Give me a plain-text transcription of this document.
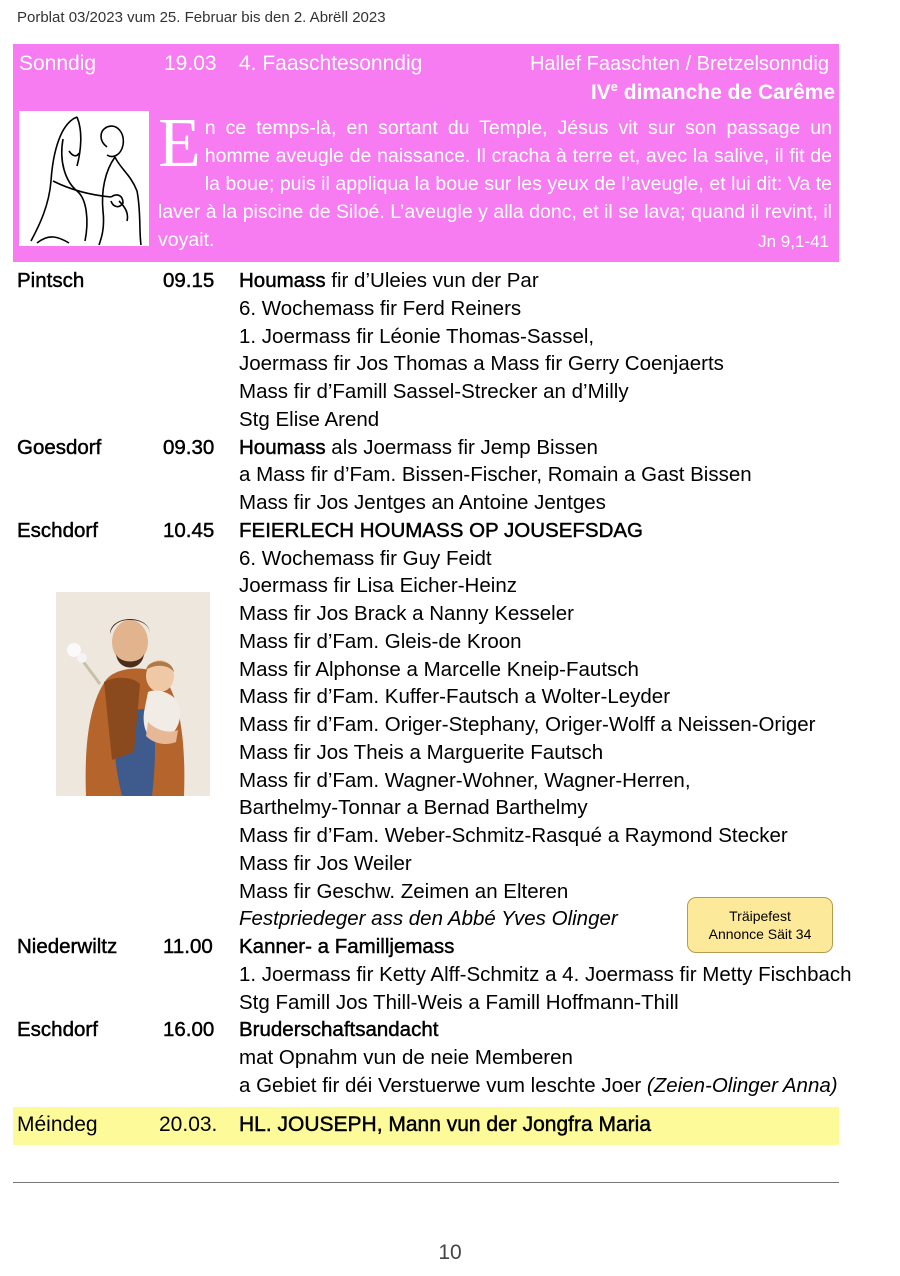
Porblat 03/2023 vum 25. Februar bis den 2. Abrëll 2023
Sonndig	19.03 4. Faaschtesonndig	Hallef Faaschten / Bretzelsonndig
IVe dimanche de Carême
En ce temps-là, en sortant du Temple, Jésus vit sur son passage un homme aveugle de naissance. Il cracha à terre et, avec la salive, il fit de la boue; puis il appliqua la boue sur les yeux de l’aveugle, et lui dit: Va te laver à la piscine de Siloé. L’aveugle y alla donc, et il se lava; quand il revint, il voyait.	Jn 9,1-41
Pintsch	09.15 Houmass fir d’Uleies vun der Par
6. Wochemass fir Ferd Reiners
1. Joermass fir Léonie Thomas-Sassel,
Joermass fir Jos Thomas a Mass fir Gerry Coenjaerts
Mass fir d’Famill Sassel-Strecker an d’Milly
Stg Elise Arend
Goesdorf	09.30 Houmass als Joermass fir Jemp Bissen
a Mass fir d’Fam. Bissen-Fischer, Romain a Gast Bissen
Mass fir Jos Jentges an Antoine Jentges
Eschdorf	10.45 FEIERLECH HOUMASS OP JOUSEFSDAG
6. Wochemass fir Guy Feidt
Joermass fir Lisa Eicher-Heinz
Mass fir Jos Brack a Nanny Kesseler
Mass fir d’Fam. Gleis-de Kroon
Mass fir Alphonse a Marcelle Kneip-Fautsch
Mass fir d’Fam. Kuffer-Fautsch a Wolter-Leyder
Mass fir d’Fam. Origer-Stephany, Origer-Wolff a Neissen-Origer
Mass fir Jos Theis a Marguerite Fautsch
Mass fir d’Fam. Wagner-Wohner, Wagner-Herren,
Barthelmy-Tonnar a Bernad Barthelmy
Mass fir d’Fam. Weber-Schmitz-Rasqué a Raymond Stecker
Mass fir Jos Weiler
Mass fir Geschw. Zeimen an Elteren
Festpriedeger ass den Abbé Yves Olinger
Niederwiltz 11.00 Kanner- a Familljemass
1. Joermass fir Ketty Alff-Schmitz a 4. Joermass fir Metty Fischbach
Stg Famill Jos Thill-Weis a Famill Hoffmann-Thill
Eschdorf	16.00 Bruderschaftsandacht
mat Opnahm vun de neie Memberen
a Gebiet fir déi Verstuerwe vum leschte Joer (Zeien-Olinger Anna)
Träipefest
Annonce Säit 34
Méindeg	20.03. HL. JOUSEPH, Mann vun der Jongfra Maria
10
